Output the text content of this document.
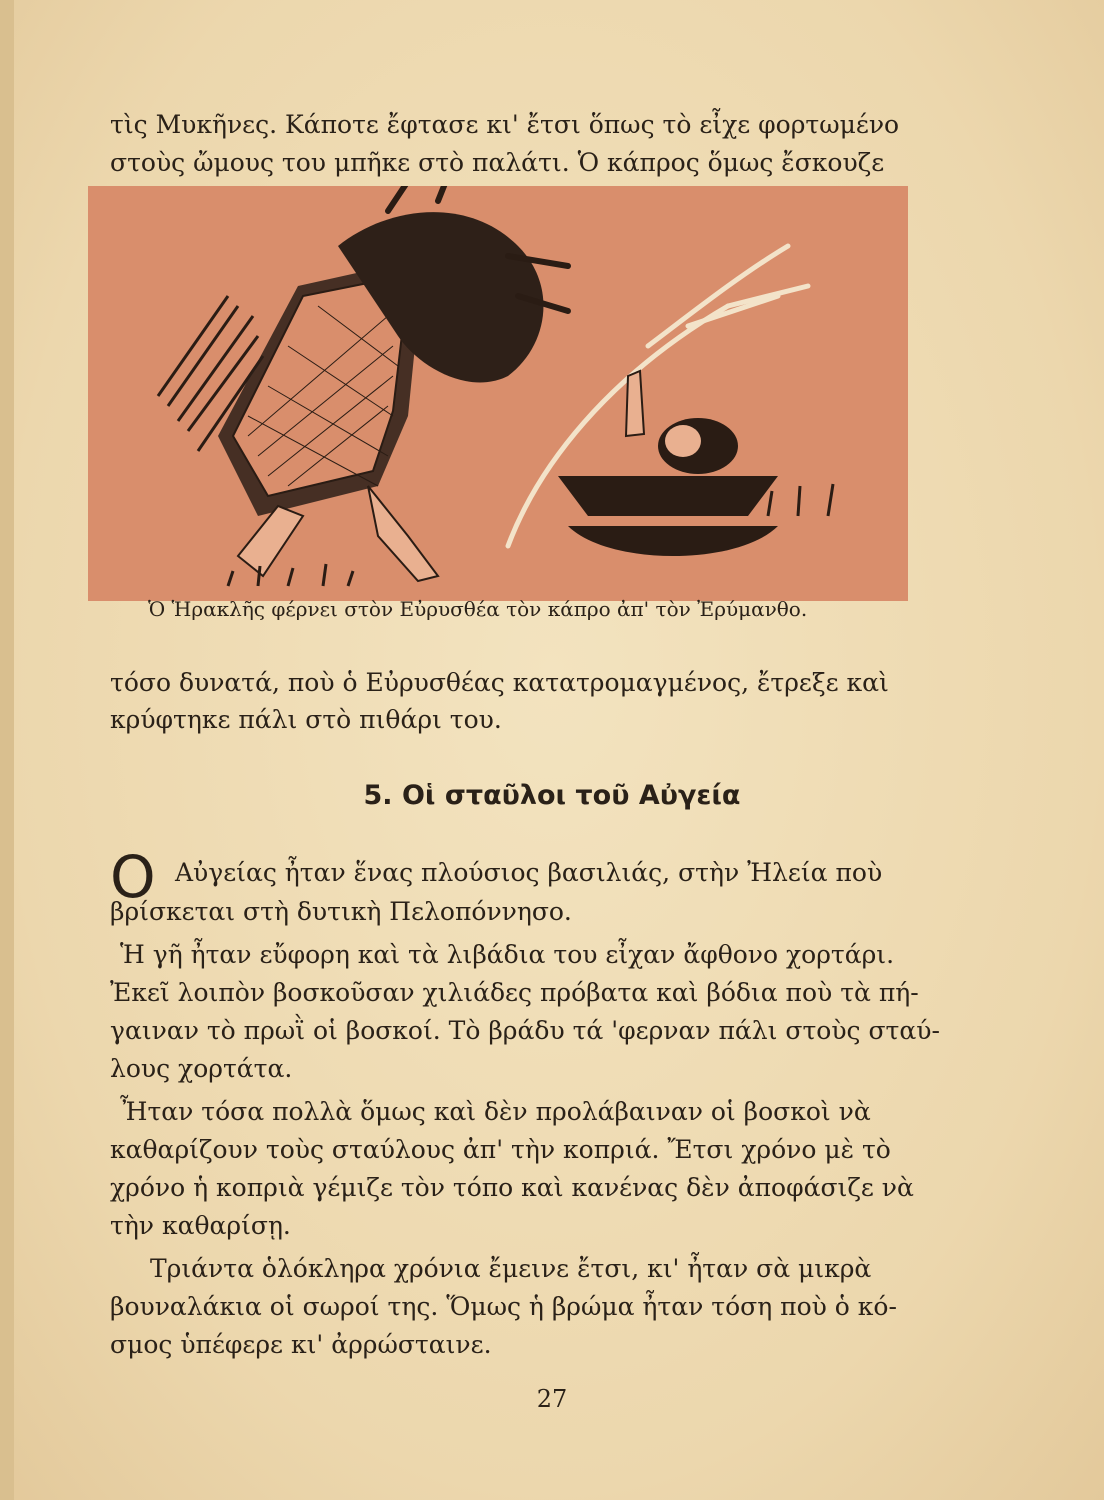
τὶς Μυκῆνες. Κάποτε ἔφτασε κι' ἔτσι ὅπως τὸ εἶχε φορτωμένο
στοὺς ὤμους του μπῆκε στὸ παλάτι. Ὁ κάπρος ὅμως ἔσκουζε
Ὁ Ἡρακλῆς φέρνει στὸν Εὐρυσθέα τὸν κάπρο ἀπ' τὸν Ἐρύμανθο.
τόσο δυνατά, ποὺ ὁ Εὐρυσθέας κατατρομαγμένος, ἔτρεξε καὶ
κρύφτηκε πάλι στὸ πιθάρι του.
5. Οἱ σταῦλοι τοῦ Αὐγεία
Ο Αὐγείας ἦταν ἕνας πλούσιος βασιλιάς, στὴν Ἠλεία ποὺ
βρίσκεται στὴ δυτικὴ Πελοπόννησο.
Ἡ γῆ ἦταν εὔφορη καὶ τὰ λιβάδια του εἶχαν ἄφθονο χορτάρι.
Ἐκεῖ λοιπὸν βοσκοῦσαν χιλιάδες πρόβατα καὶ βόδια ποὺ τὰ πή-
γαιναν τὸ πρωῒ οἱ βοσκοί. Τὸ βράδυ τά 'φερναν πάλι στοὺς σταύ-
λους χορτάτα.
Ἦταν τόσα πολλὰ ὅμως καὶ δὲν προλάβαιναν οἱ βοσκοὶ νὰ
καθαρίζουν τοὺς σταύλους ἀπ' τὴν κοπριά. Ἔτσι χρόνο μὲ τὸ
χρόνο ἡ κοπριὰ γέμιζε τὸν τόπο καὶ κανένας δὲν ἀποφάσιζε νὰ
τὴν καθαρίσῃ.
Τριάντα ὁλόκληρα χρόνια ἔμεινε ἔτσι, κι' ἦταν σὰ μικρὰ
βουναλάκια οἱ σωροί της. Ὅμως ἡ βρώμα ἦταν τόση ποὺ ὁ κό-
σμος ὑπέφερε κι' ἀρρώσταινε.
27
